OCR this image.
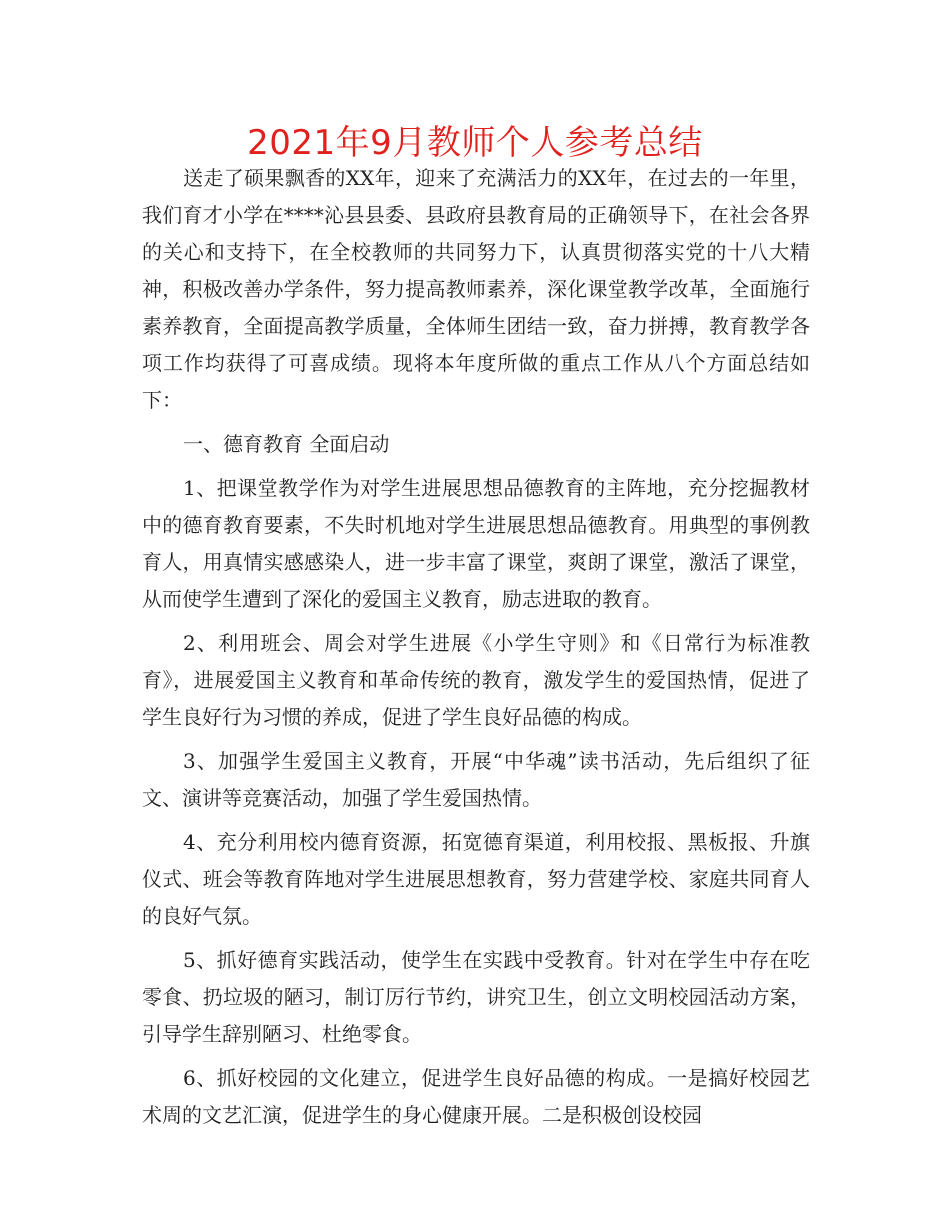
2021年9月教师个人参考总结

送走了硕果飘香的XX年，迎来了充满活力的XX年，在过去的一年里，我们育才小学在****沁县县委、县政府县教育局的正确领导下，在社会各界的关心和支持下，在全校教师的共同努力下，认真贯彻落实党的十八大精神，积极改善办学条件，努力提高教师素养，深化课堂教学改革，全面施行素养教育，全面提高教学质量，全体师生团结一致，奋力拼搏，教育教学各项工作均获得了可喜成绩。现将本年度所做的重点工作从八个方面总结如下：

一、德育教育 全面启动

1、把课堂教学作为对学生进展思想品德教育的主阵地，充分挖掘教材中的德育教育要素，不失时机地对学生进展思想品德教育。用典型的事例教育人，用真情实感感染人，进一步丰富了课堂，爽朗了课堂，激活了课堂，从而使学生遭到了深化的爱国主义教育，励志进取的教育。

2、利用班会、周会对学生进展《小学生守则》和《日常行为标准教育》，进展爱国主义教育和革命传统的教育，激发学生的爱国热情，促进了学生良好行为习惯的养成，促进了学生良好品德的构成。

3、加强学生爱国主义教育，开展“中华魂”读书活动，先后组织了征文、演讲等竞赛活动，加强了学生爱国热情。

4、充分利用校内德育资源，拓宽德育渠道，利用校报、黑板报、升旗仪式、班会等教育阵地对学生进展思想教育，努力营建学校、家庭共同育人的良好气氛。

5、抓好德育实践活动，使学生在实践中受教育。针对在学生中存在吃零食、扔垃圾的陋习，制订厉行节约，讲究卫生，创立文明校园活动方案，引导学生辞别陋习、杜绝零食。

6、抓好校园的文化建立，促进学生良好品德的构成。一是搞好校园艺术周的文艺汇演，促进学生的身心健康开展。二是积极创设校园
